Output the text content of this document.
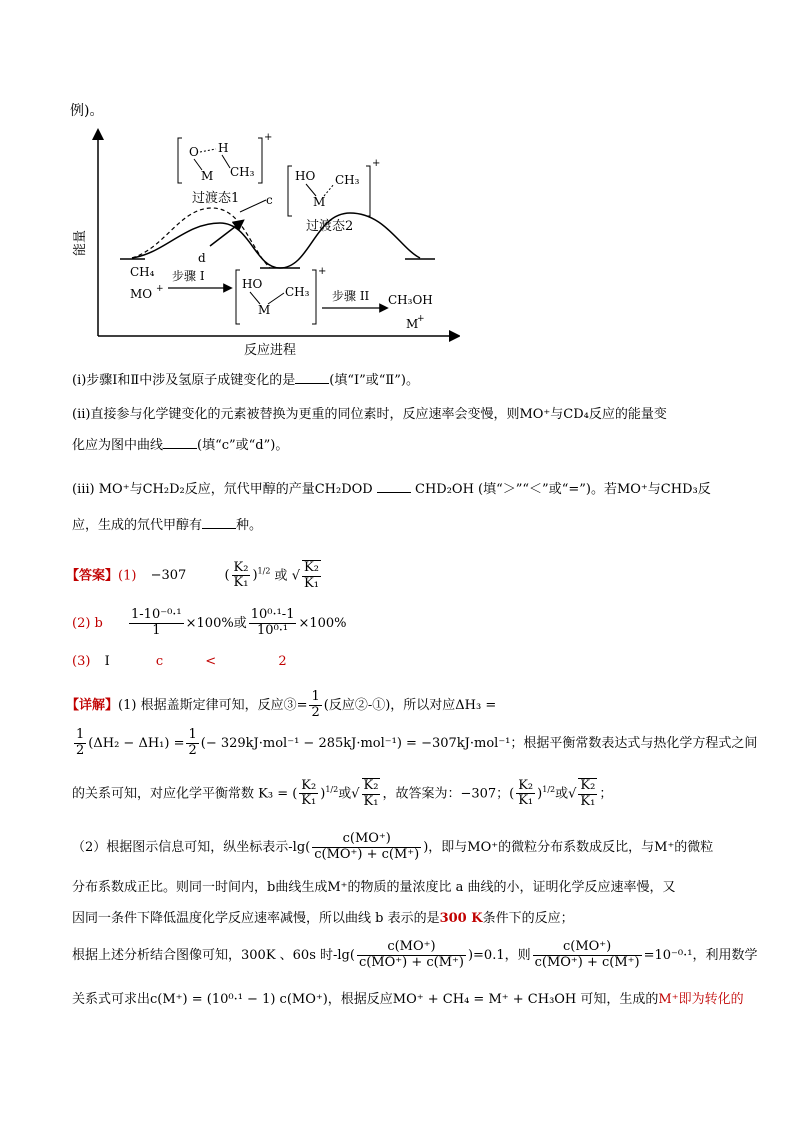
例)。
能量
反应进程
c
d
O H
M CH₃
+
过渡态1
HO CH₃
M
+
过渡态2
CH₄
MO +
步骤 I
HO
CH₃
M
+
步骤 II CH₃OH
M
+
(ⅰ)步骤Ⅰ和Ⅱ中涉及氢原子成键变化的是	(填“Ⅰ”或“Ⅱ”)。
(ⅱ)直接参与化学键变化的元素被替换为更重的同位素时，反应速率会变慢，则MO⁺与CD₄反应的能量变
化应为图中曲线	(填“c”或“d”)。
(ⅲ) MO⁺与CH₂D₂反应，氘代甲醇的产量CH₂DOD	CHD₂OH (填“＞”“＜”或“=”)。若MO⁺与CHD₃反
应，生成的氘代甲醇有	种。
【答案】(1) −307	( $\frac{\text{K₂}}{\text{K₁}} )^{1/2}$ 或 √ $\frac{\text{K₂}}{\text{K₁}}$
(2) b $\frac{\text{1-10⁻⁰·¹}}{1} \times 100\%$或 $\frac{\text{10⁰·¹-1}}{\text{10⁰·¹}} \times 100\%$
(3) Ⅰ	c	<	2
【详解】(1) 根据盖斯定律可知，反应③= $\frac{1}{2}$ (反应②-①)，所以对应ΔH₃ =
$\frac{1}{2} (\Delta H_2 - \Delta H_1) = \frac{1}{2}$ (− 329kJ·mol⁻¹ − 285kJ·mol⁻¹) = −307kJ·mol⁻¹；根据平衡常数表达式与热化学方程式之间
的关系可知，对应化学平衡常数 K₃ = ( $\frac{\text{K₂}}{\text{K₁}} )^{1/2}$或√ $\frac{\text{K₂}}{\text{K₁}}$ ，故答案为：−307；( $\frac{\text{K₂}}{\text{K₁}} )^{1/2}$或√ $\frac{\text{K₂}}{\text{K₁}}$ ；
（2）根据图示信息可知，纵坐标表示$-\lg( \frac{c(MO^+)}{c(MO^+) + c(M^+)}$ )，即与MO⁺的微粒分布系数成反比，与M⁺的微粒
分布系数成正比。则同一时间内，b曲线生成M⁺的物质的量浓度比 a 曲线的小，证明化学反应速率慢，又
因同一条件下降低温度化学反应速率减慢，所以曲线 b 表示的是300 K条件下的反应；
根据上述分析结合图像可知，300K 、60s 时$-\lg( \frac{c(MO^+)}{c(MO^+) + c(M^+)} )=0.1$，则 $\frac{c(MO^+)}{c(MO^+) + c(M^+)} =10^{-0}\cdot^1$，利用数学
关系式可求出c(M⁺) = (10⁰·¹ − 1) c(MO⁺)，根据反应MO⁺ + CH₄ = M⁺ + CH₃OH 可知，生成的M⁺即为转化的
